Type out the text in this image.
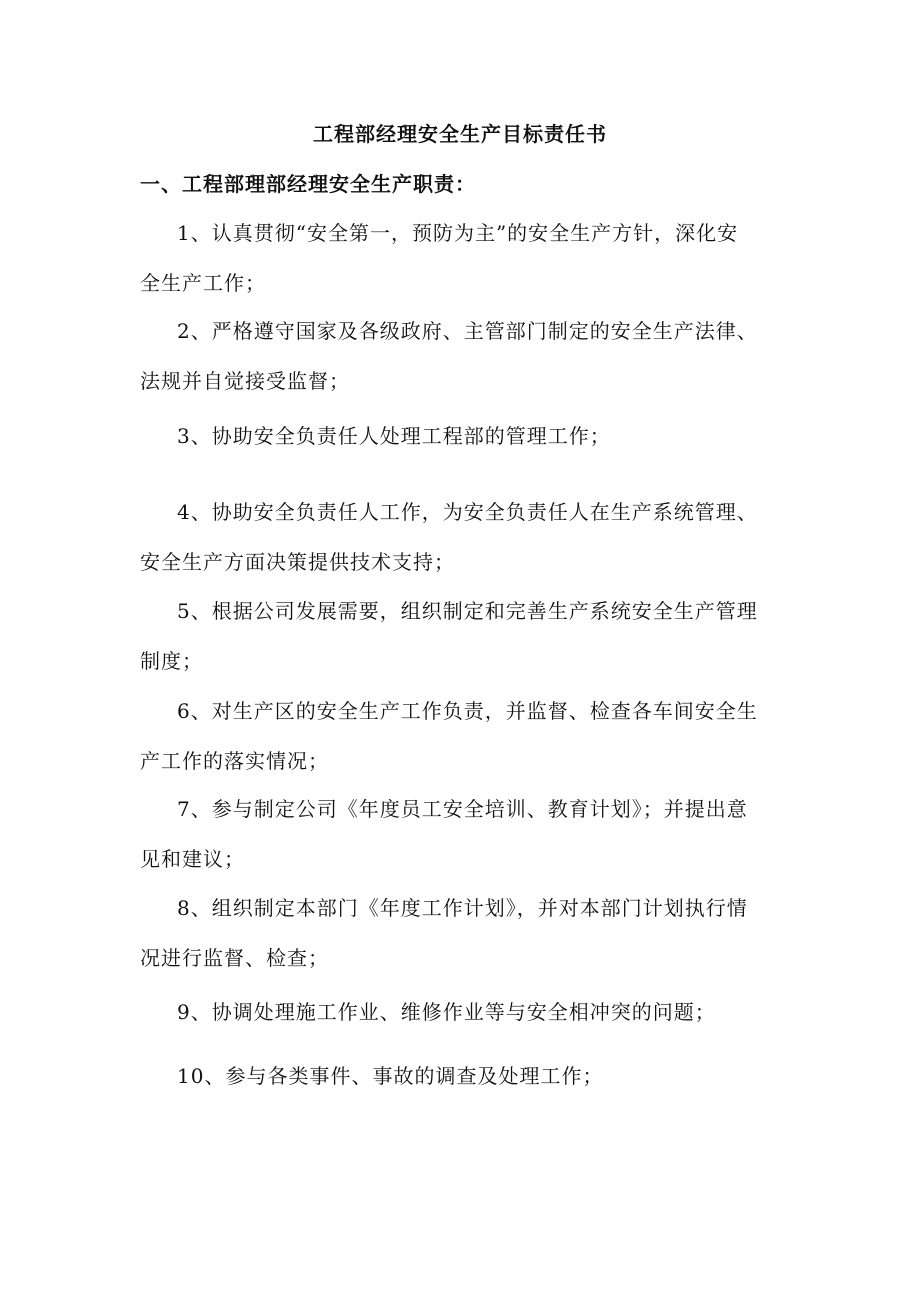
工程部经理安全生产目标责任书
一、工程部理部经理安全生产职责：

1、认真贯彻“安全第一，预防为主”的安全生产方针，深化安
全生产工作；

2、严格遵守国家及各级政府、主管部门制定的安全生产法律、
法规并自觉接受监督；

3、协助安全负责任人处理工程部的管理工作；

4、协助安全负责任人工作，为安全负责任人在生产系统管理、
安全生产方面决策提供技术支持；

5、根据公司发展需要，组织制定和完善生产系统安全生产管理
制度；

6、对生产区的安全生产工作负责，并监督、检查各车间安全生
产工作的落实情况；

7、参与制定公司《年度员工安全培训、教育计划》；并提出意
见和建议；

8、组织制定本部门《年度工作计划》，并对本部门计划执行情
况进行监督、检查；

9、协调处理施工作业、维修作业等与安全相冲突的问题；

10、参与各类事件、事故的调查及处理工作；
